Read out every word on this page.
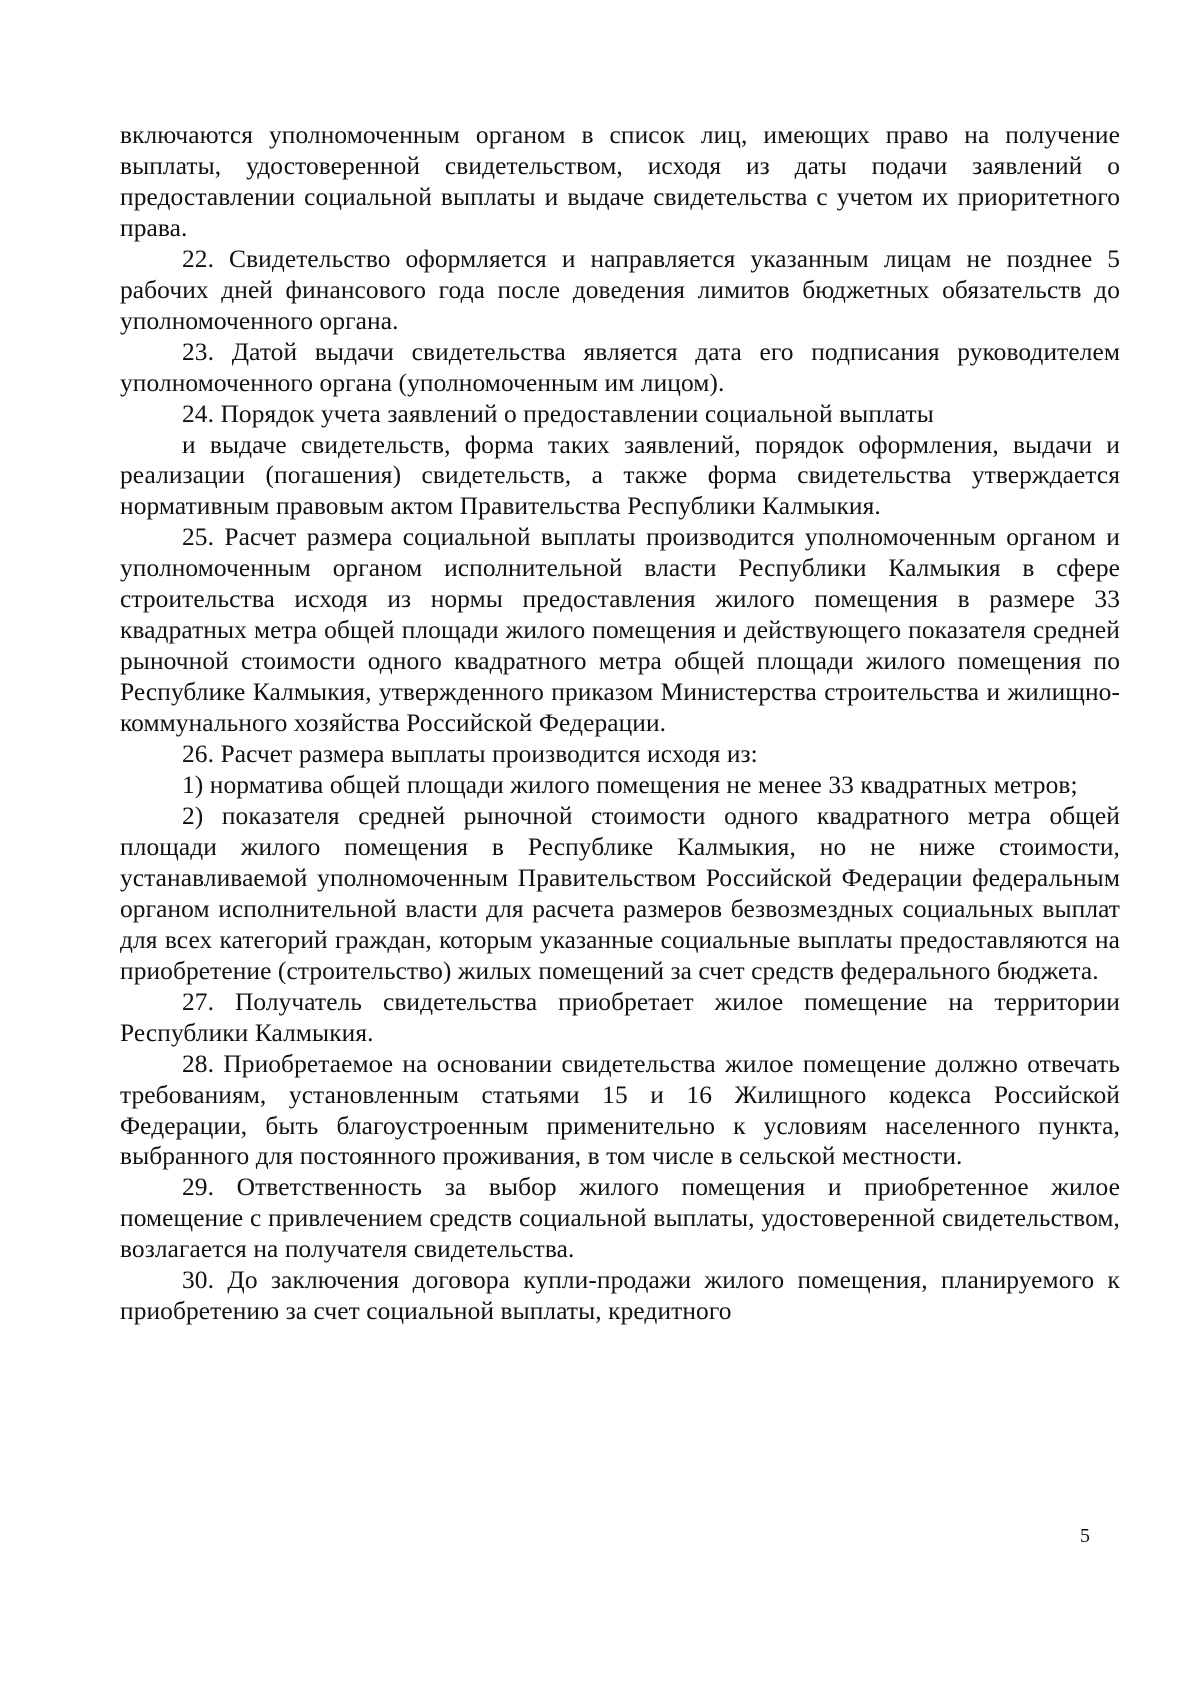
включаются уполномоченным органом в список лиц, имеющих право на получение выплаты, удостоверенной свидетельством, исходя из даты подачи заявлений о предоставлении социальной выплаты и выдаче свидетельства с учетом их приоритетного права.

22. Свидетельство оформляется и направляется указанным лицам не позднее 5 рабочих дней финансового года после доведения лимитов бюджетных обязательств до уполномоченного органа.

23. Датой выдачи свидетельства является дата его подписания руководителем уполномоченного органа (уполномоченным им лицом).

24. Порядок учета заявлений о предоставлении социальной выплаты

и выдаче свидетельств, форма таких заявлений, порядок оформления, выдачи и реализации (погашения) свидетельств, а также форма свидетельства утверждается нормативным правовым актом Правительства Республики Калмыкия.

25. Расчет размера социальной выплаты производится уполномоченным органом и уполномоченным органом исполнительной власти Республики Калмыкия в сфере строительства исходя из нормы предоставления жилого помещения в размере 33 квадратных метра общей площади жилого помещения и действующего показателя средней рыночной стоимости одного квадратного метра общей площади жилого помещения по Республике Калмыкия, утвержденного приказом Министерства строительства и жилищно-коммунального хозяйства Российской Федерации.

26. Расчет размера выплаты производится исходя из:

1) норматива общей площади жилого помещения не менее 33 квадратных метров;

2) показателя средней рыночной стоимости одного квадратного метра общей площади жилого помещения в Республике Калмыкия, но не ниже стоимости, устанавливаемой уполномоченным Правительством Российской Федерации федеральным органом исполнительной власти для расчета размеров безвозмездных социальных выплат для всех категорий граждан, которым указанные социальные выплаты предоставляются на приобретение (строительство) жилых помещений за счет средств федерального бюджета.

27. Получатель свидетельства приобретает жилое помещение на территории Республики Калмыкия.

28. Приобретаемое на основании свидетельства жилое помещение должно отвечать требованиям, установленным статьями 15 и 16 Жилищного кодекса Российской Федерации, быть благоустроенным применительно к условиям населенного пункта, выбранного для постоянного проживания, в том числе в сельской местности.

29. Ответственность за выбор жилого помещения и приобретенное жилое помещение с привлечением средств социальной выплаты, удостоверенной свидетельством, возлагается на получателя свидетельства.

30. До заключения договора купли-продажи жилого помещения, планируемого к приобретению за счет социальной выплаты, кредитного

5
